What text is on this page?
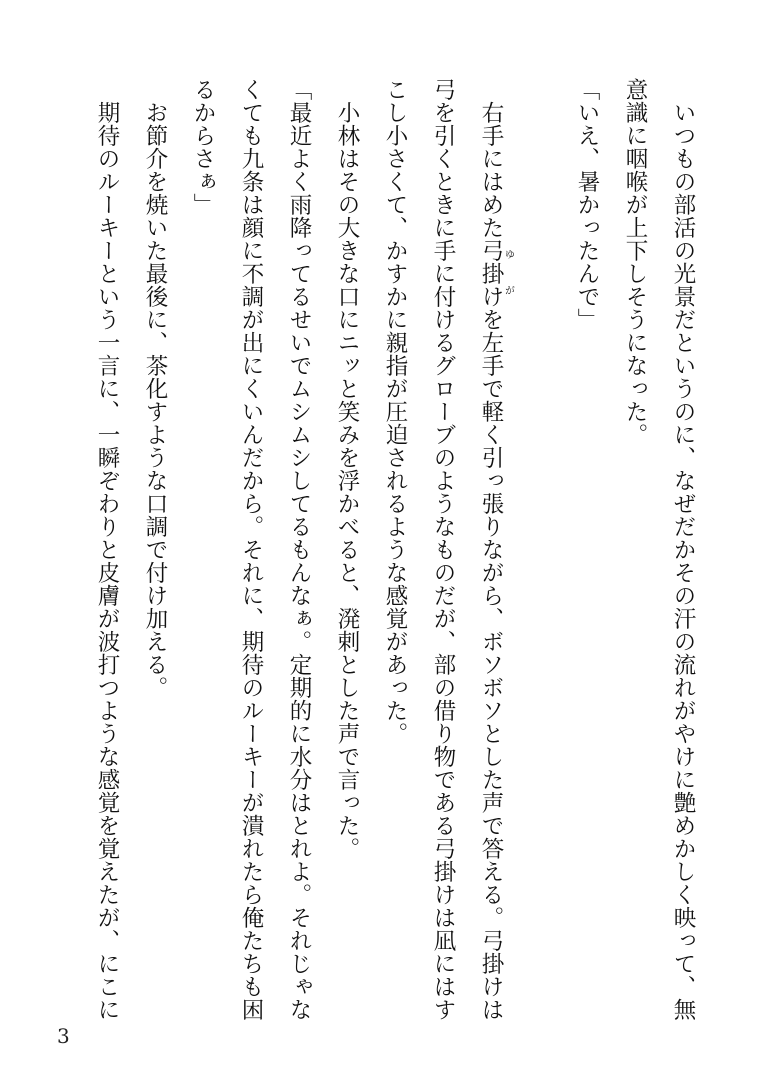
　いつもの部活の光景だというのに、なぜだかその汗の流れがやけに艶めかしく映って、無
意識に咽喉が上下しそうになった。
「いえ、暑かったんで」

　右手にはめた弓掛けゆがを左手で軽く引っ張りながら、ボソボソとした声で答える。弓掛けは
弓を引くときに手に付けるグローブのようなものだが、部の借り物である弓掛けは凪にはす
こし小さくて、かすかに親指が圧迫されるような感覚があった。
　小林はその大きな口にニッと笑みを浮かべると、溌剌とした声で言った。
「最近よく雨降ってるせいでムシムシしてるもんなぁ。定期的に水分はとれよ。それじゃな
くても九条は顔に不調が出にくいんだから。それに、期待のルーキーが潰れたら俺たちも困
るからさぁ」
　お節介を焼いた最後に、茶化すような口調で付け加える。
　期待のルーキーという一言に、一瞬ぞわりと皮膚が波打つような感覚を覚えたが、にこに
3
